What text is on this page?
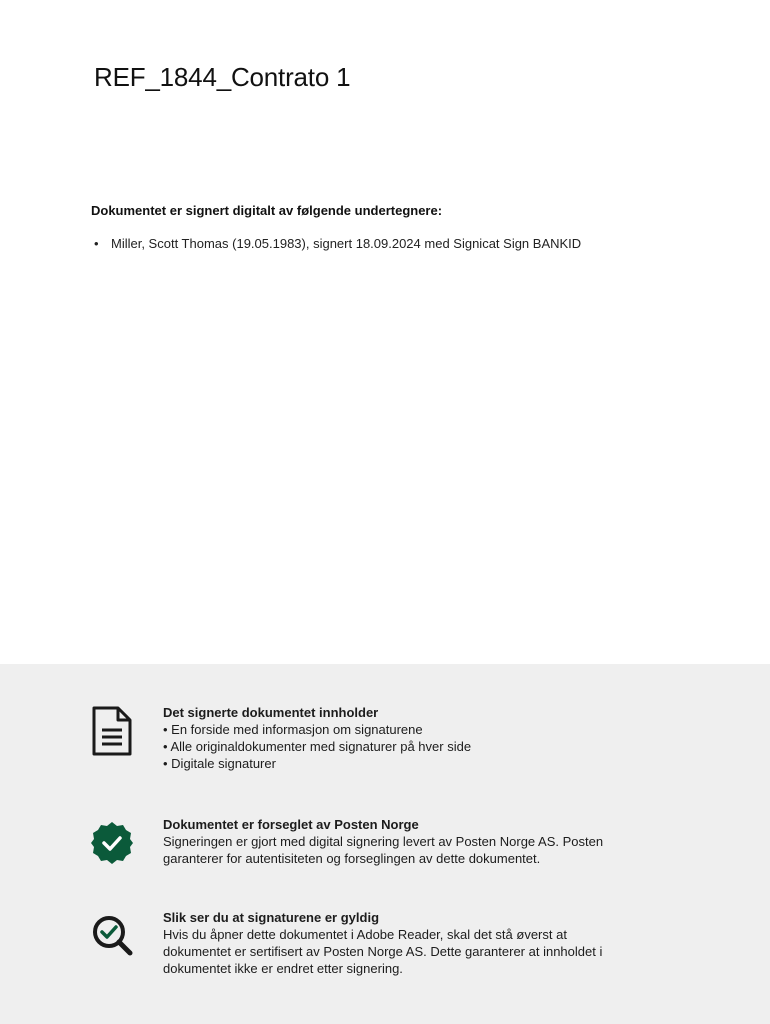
REF_1844_Contrato 1

Dokumentet er signert digitalt av følgende undertegnere:

• Miller, Scott Thomas (19.05.1983), signert 18.09.2024 med Signicat Sign BANKID
Det signerte dokumentet innholder
• En forside med informasjon om signaturene
• Alle originaldokumenter med signaturer på hver side
• Digitale signaturer
Dokumentet er forseglet av Posten Norge
Signeringen er gjort med digital signering levert av Posten Norge AS. Posten
garanterer for autentisiteten og forseglingen av dette dokumentet.
Slik ser du at signaturene er gyldig
Hvis du åpner dette dokumentet i Adobe Reader, skal det stå øverst at
dokumentet er sertifisert av Posten Norge AS. Dette garanterer at innholdet i
dokumentet ikke er endret etter signering.
